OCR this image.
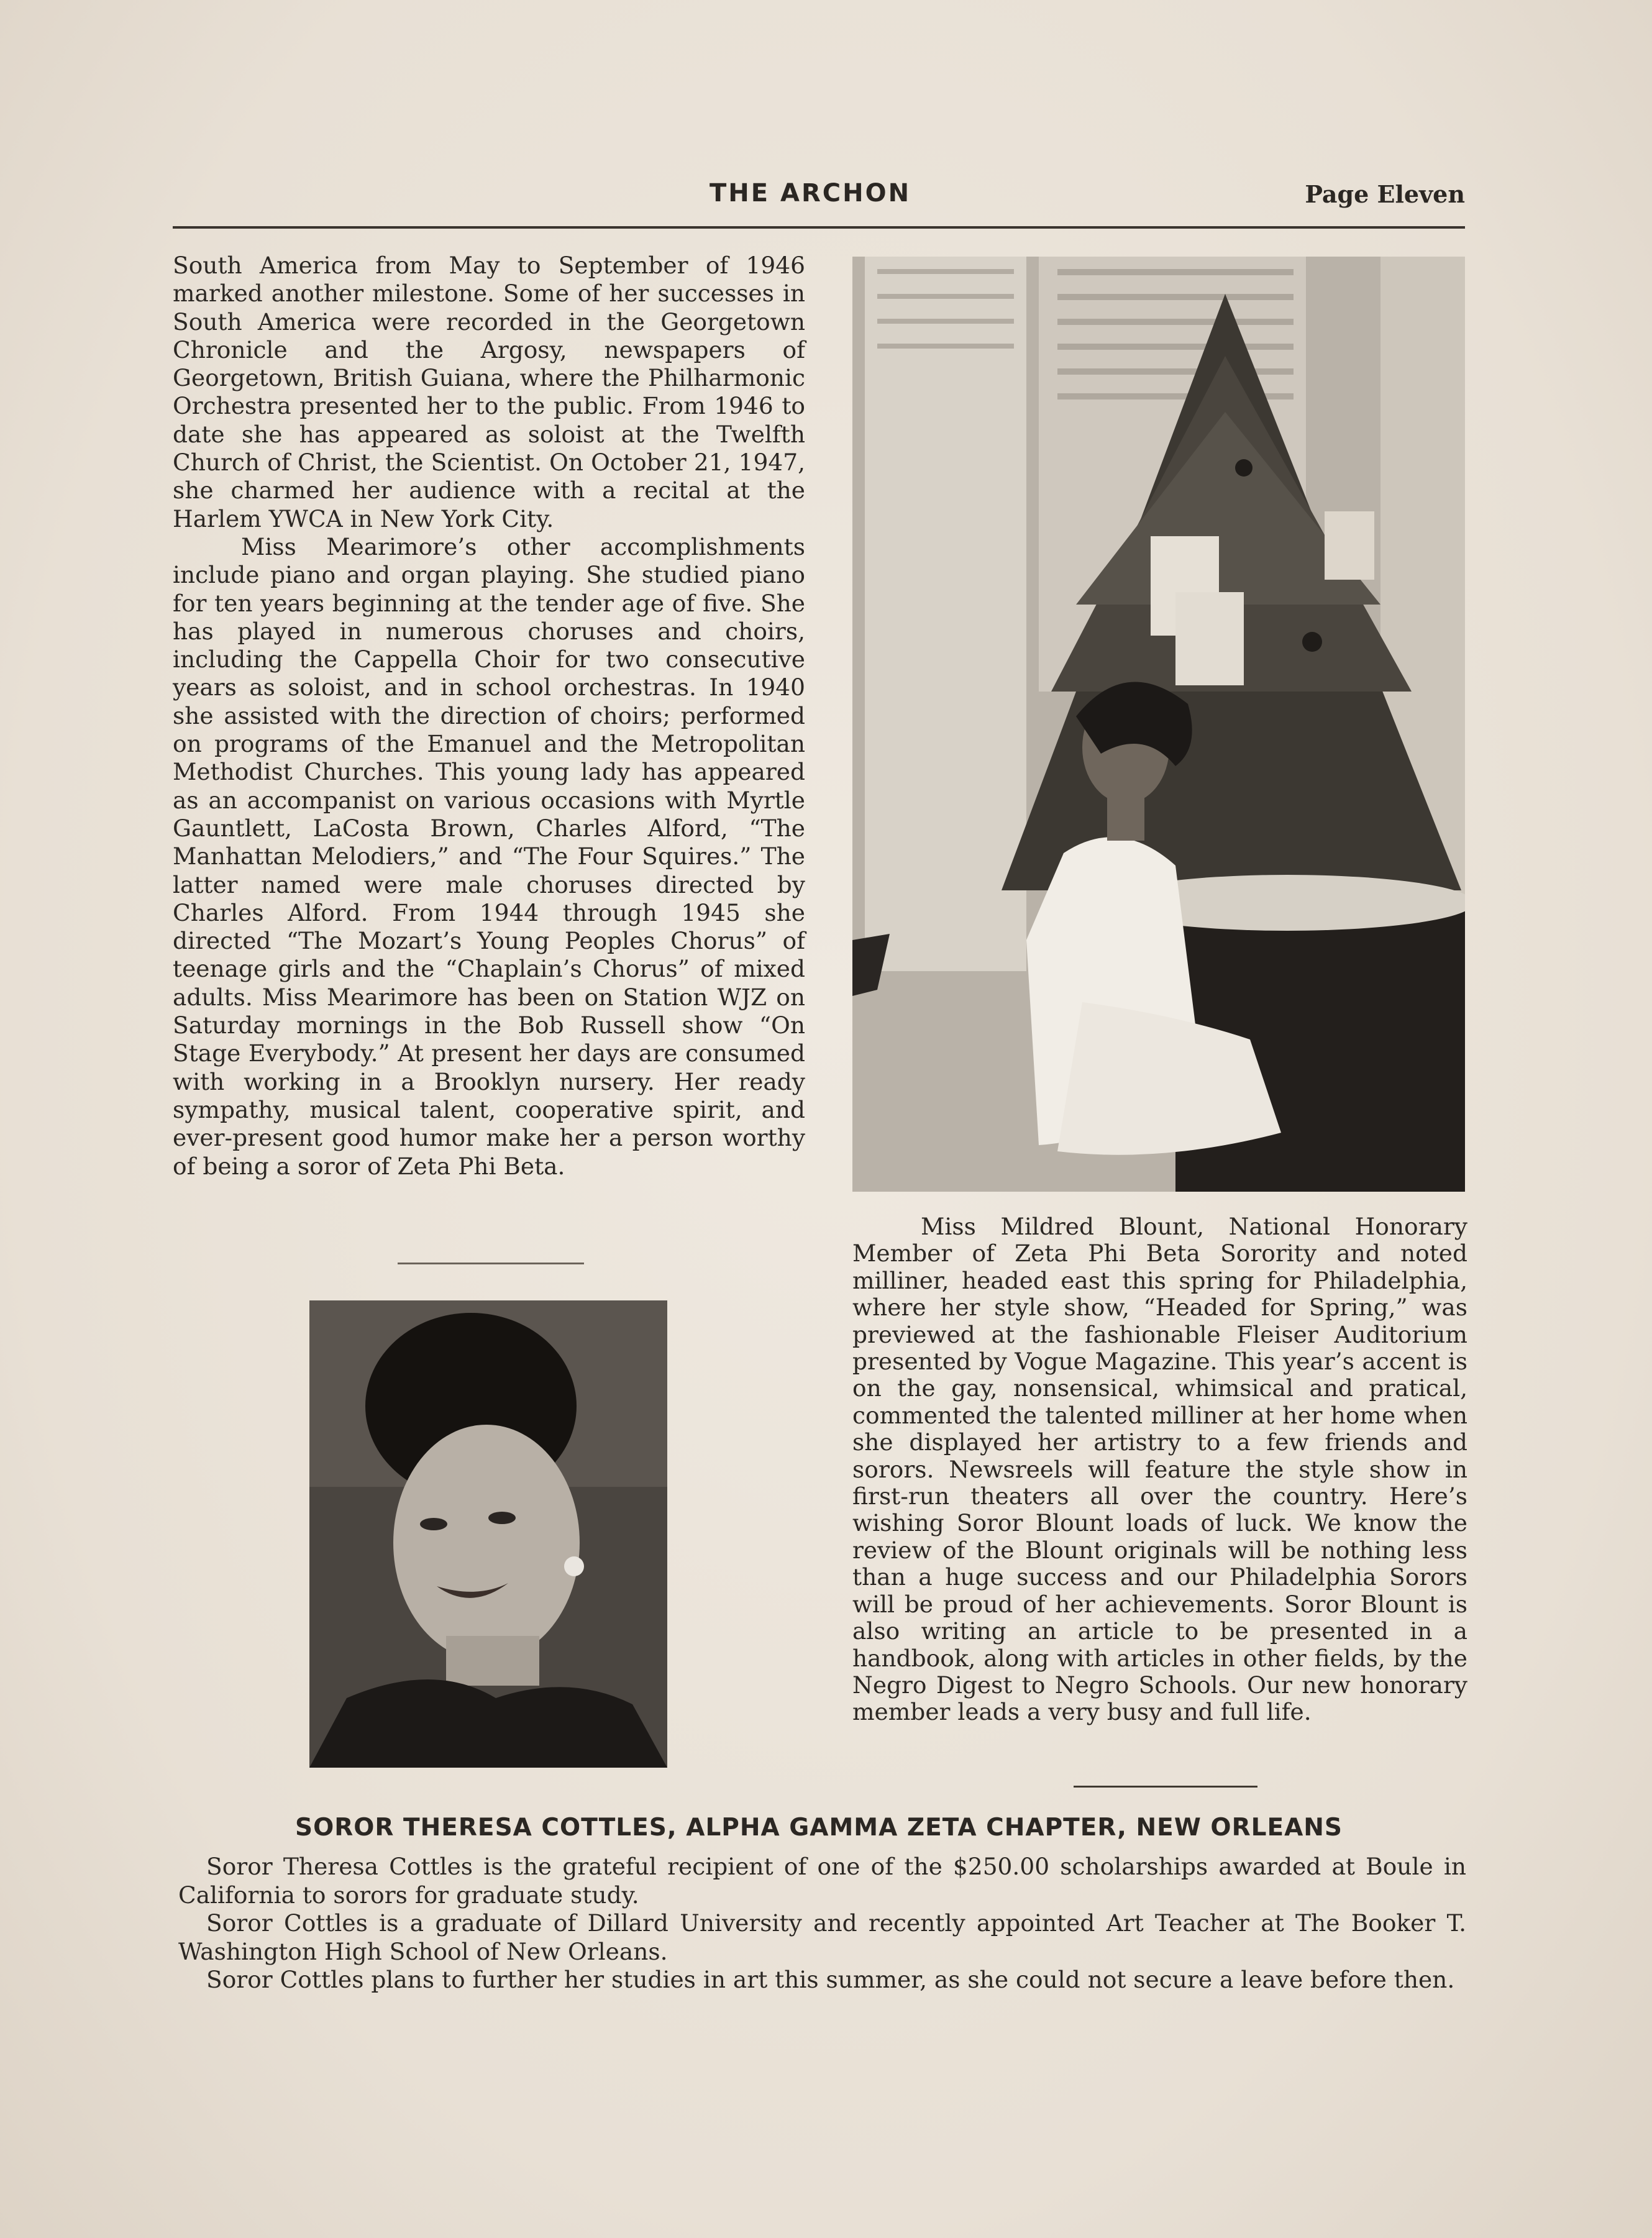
THE ARCHON	Page Eleven

South America from May to September of 1946 marked another milestone. Some of her successes in South America were recorded in the Georgetown Chronicle and the Argosy, newspapers of Georgetown, British Guiana, where the Philharmonic Orchestra presented her to the public. From 1946 to date she has appeared as soloist at the Twelfth Church of Christ, the Scientist. On October 21, 1947, she charmed her audience with a recital at the Harlem YWCA in New York City.

Miss Mearimore’s other accomplishments include piano and organ playing. She studied piano for ten years beginning at the tender age of five. She has played in numerous choruses and choirs, including the Cappella Choir for two consecutive years as soloist, and in school orchestras. In 1940 she assisted with the direction of choirs; performed on programs of the Emanuel and the Metropolitan Methodist Churches. This young lady has appeared as an accompanist on various occasions with Myrtle Gauntlett, LaCosta Brown, Charles Alford, “The Manhattan Melodiers,” and “The Four Squires.” The latter named were male choruses directed by Charles Alford. From 1944 through 1945 she directed “The Mozart’s Young Peoples Chorus” of teenage girls and the “Chaplain’s Chorus” of mixed adults. Miss Mearimore has been on Station WJZ on Saturday mornings in the Bob Russell show “On Stage Everybody.” At present her days are consumed with working in a Brooklyn nursery. Her ready sympathy, musical talent, cooperative spirit, and ever-present good humor make her a person worthy of being a soror of Zeta Phi Beta.

Miss Mildred Blount, National Honorary Member of Zeta Phi Beta Sorority and noted milliner, headed east this spring for Philadelphia, where her style show, “Headed for Spring,” was previewed at the fashionable Fleiser Auditorium presented by Vogue Magazine. This year’s accent is on the gay, nonsensical, whimsical and pratical, commented the talented milliner at her home when she displayed her artistry to a few friends and sorors. Newsreels will feature the style show in first-run theaters all over the country. Here’s wishing Soror Blount loads of luck. We know the review of the Blount originals will be nothing less than a huge success and our Philadelphia Sorors will be proud of her achievements. Soror Blount is also writing an article to be presented in a handbook, along with articles in other fields, by the Negro Digest to Negro Schools. Our new honorary member leads a very busy and full life.

SOROR THERESA COTTLES, ALPHA GAMMA ZETA CHAPTER, NEW ORLEANS

Soror Theresa Cottles is the grateful recipient of one of the $250.00 scholarships awarded at Boule in California to sorors for graduate study.

Soror Cottles is a graduate of Dillard University and recently appointed Art Teacher at The Booker T. Washington High School of New Orleans.

Soror Cottles plans to further her studies in art this summer, as she could not secure a leave before then.
